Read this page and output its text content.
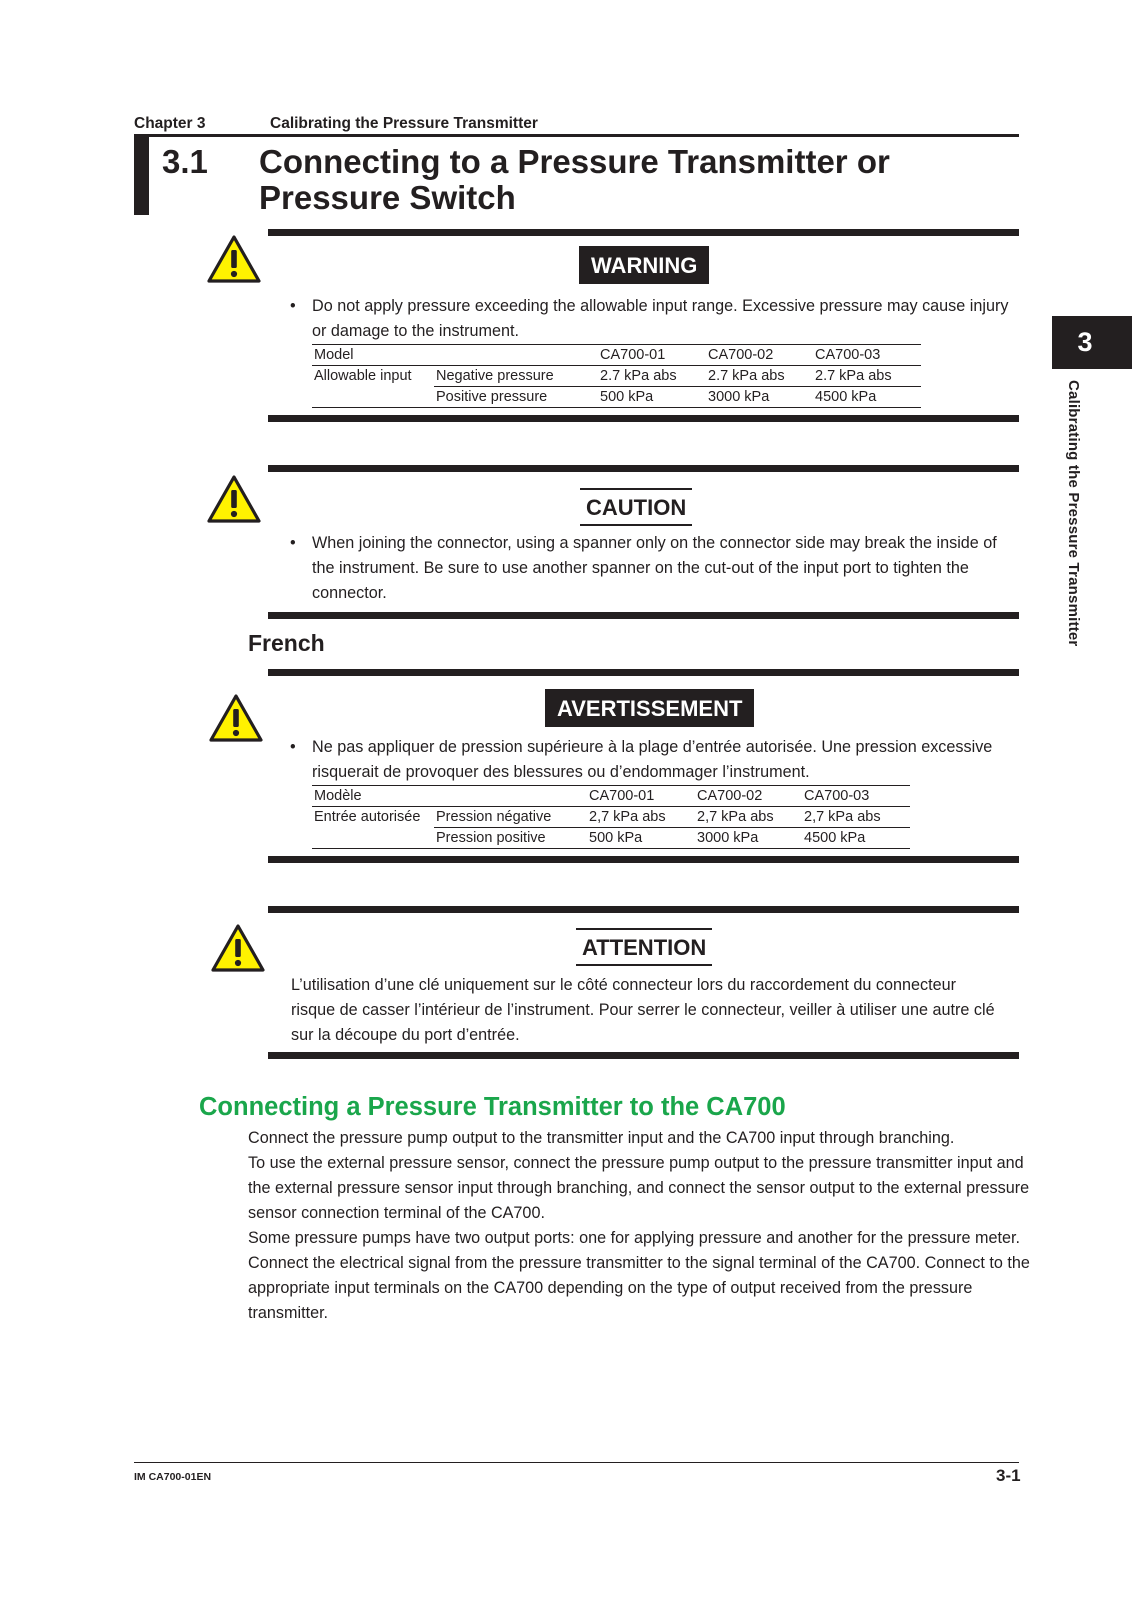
Chapter 3	Calibrating the Pressure Transmitter
3.1 Connecting to a Pressure Transmitter or Pressure Switch
3
Calibrating the Pressure Transmitter
WARNING
• Do not apply pressure exceeding the allowable input range. Excessive pressure may cause injury or damage to the instrument.
Model		CA700-01	CA700-02	CA700-03
Allowable input	Negative pressure	2.7 kPa abs	2.7 kPa abs	2.7 kPa abs
	Positive pressure	500 kPa	3000 kPa	4500 kPa
CAUTION
• When joining the connector, using a spanner only on the connector side may break the inside of the instrument. Be sure to use another spanner on the cut-out of the input port to tighten the connector.
French
AVERTISSEMENT
• Ne pas appliquer de pression supérieure à la plage d’entrée autorisée. Une pression excessive risquerait de provoquer des blessures ou d’endommager l’instrument.
Modèle		CA700-01	CA700-02	CA700-03
Entrée autorisée	Pression négative	2,7 kPa abs	2,7 kPa abs	2,7 kPa abs
	Pression positive	500 kPa	3000 kPa	4500 kPa
ATTENTION
L’utilisation d’une clé uniquement sur le côté connecteur lors du raccordement du connecteur risque de casser l’intérieur de l’instrument. Pour serrer le connecteur, veiller à utiliser une autre clé sur la découpe du port d’entrée.
Connecting a Pressure Transmitter to the CA700

Connect the pressure pump output to the transmitter input and the CA700 input through branching.

To use the external pressure sensor, connect the pressure pump output to the pressure transmitter input and the external pressure sensor input through branching, and connect the sensor output to the external pressure sensor connection terminal of the CA700.

Some pressure pumps have two output ports: one for applying pressure and another for the pressure meter.

Connect the electrical signal from the pressure transmitter to the signal terminal of the CA700. Connect to the appropriate input terminals on the CA700 depending on the type of output received from the pressure transmitter.

IM CA700-01EN	3-1
